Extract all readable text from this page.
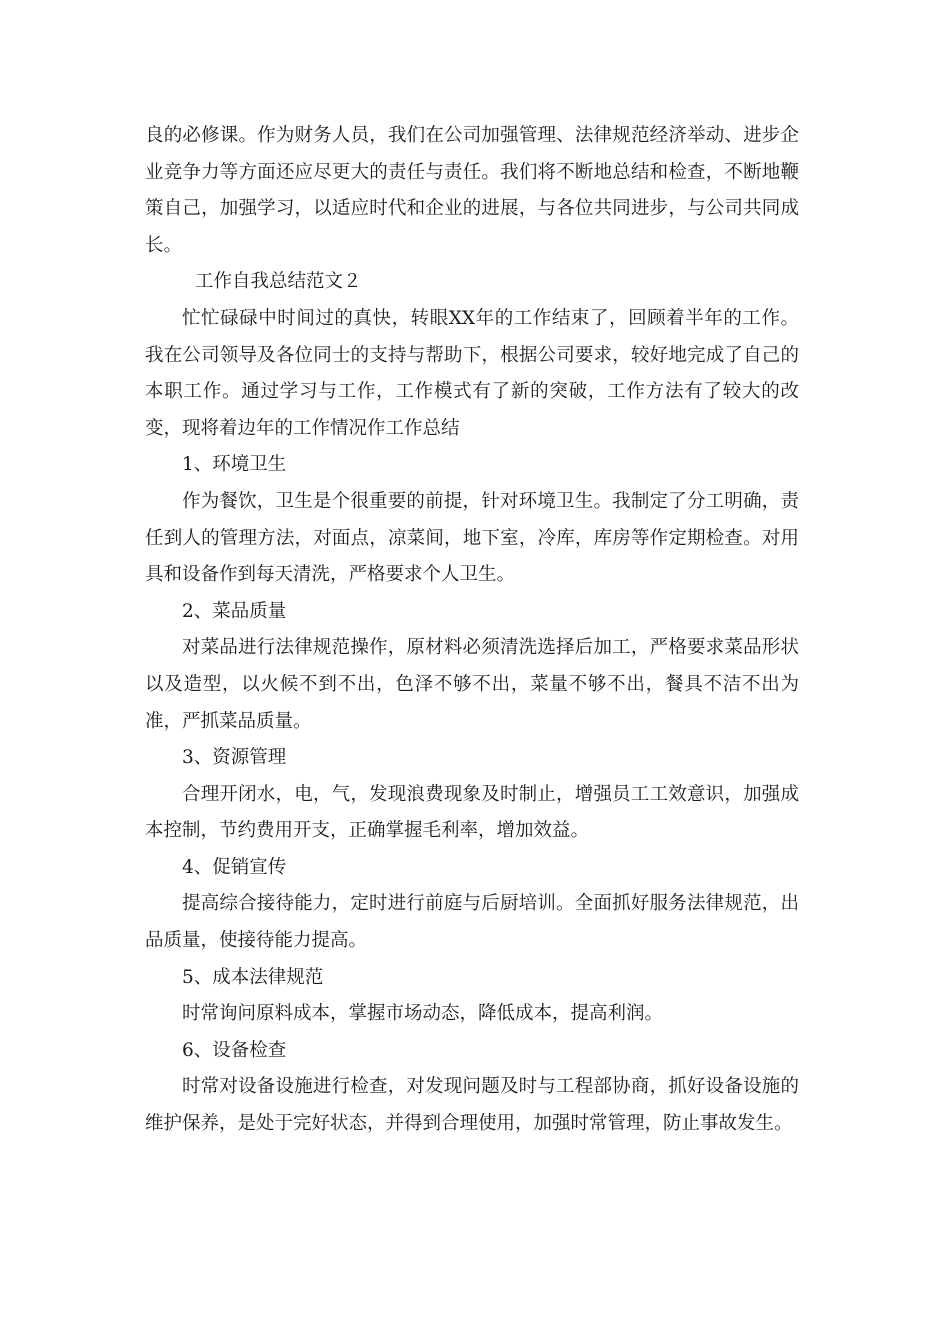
良的必修课。作为财务人员，我们在公司加强管理、法律规范经济举动、进步企业竞争力等方面还应尽更大的责任与责任。我们将不断地总结和检查，不断地鞭策自己，加强学习，以适应时代和企业的进展，与各位共同进步，与公司共同成长。

工作自我总结范文２

忙忙碌碌中时间过的真快，转眼XX年的工作结束了，回顾着半年的工作。我在公司领导及各位同士的支持与帮助下，根据公司要求，较好地完成了自己的本职工作。通过学习与工作，工作模式有了新的突破，工作方法有了较大的改变，现将着边年的工作情况作工作总结

1、环境卫生

作为餐饮，卫生是个很重要的前提，针对环境卫生。我制定了分工明确，责任到人的管理方法，对面点，凉菜间，地下室，冷库，库房等作定期检查。对用具和设备作到每天清洗，严格要求个人卫生。

2、菜品质量

对菜品进行法律规范操作，原材料必须清洗选择后加工，严格要求菜品形状以及造型，以火候不到不出，色泽不够不出，菜量不够不出，餐具不洁不出为准，严抓菜品质量。

3、资源管理

合理开闭水，电，气，发现浪费现象及时制止，增强员工工效意识，加强成本控制，节约费用开支，正确掌握毛利率，增加效益。

4、促销宣传

提高综合接待能力，定时进行前庭与后厨培训。全面抓好服务法律规范，出品质量，使接待能力提高。

5、成本法律规范

时常询问原料成本，掌握市场动态，降低成本，提高利润。

6、设备检查

时常对设备设施进行检查，对发现问题及时与工程部协商，抓好设备设施的维护保养，是处于完好状态，并得到合理使用，加强时常管理，防止事故发生。
